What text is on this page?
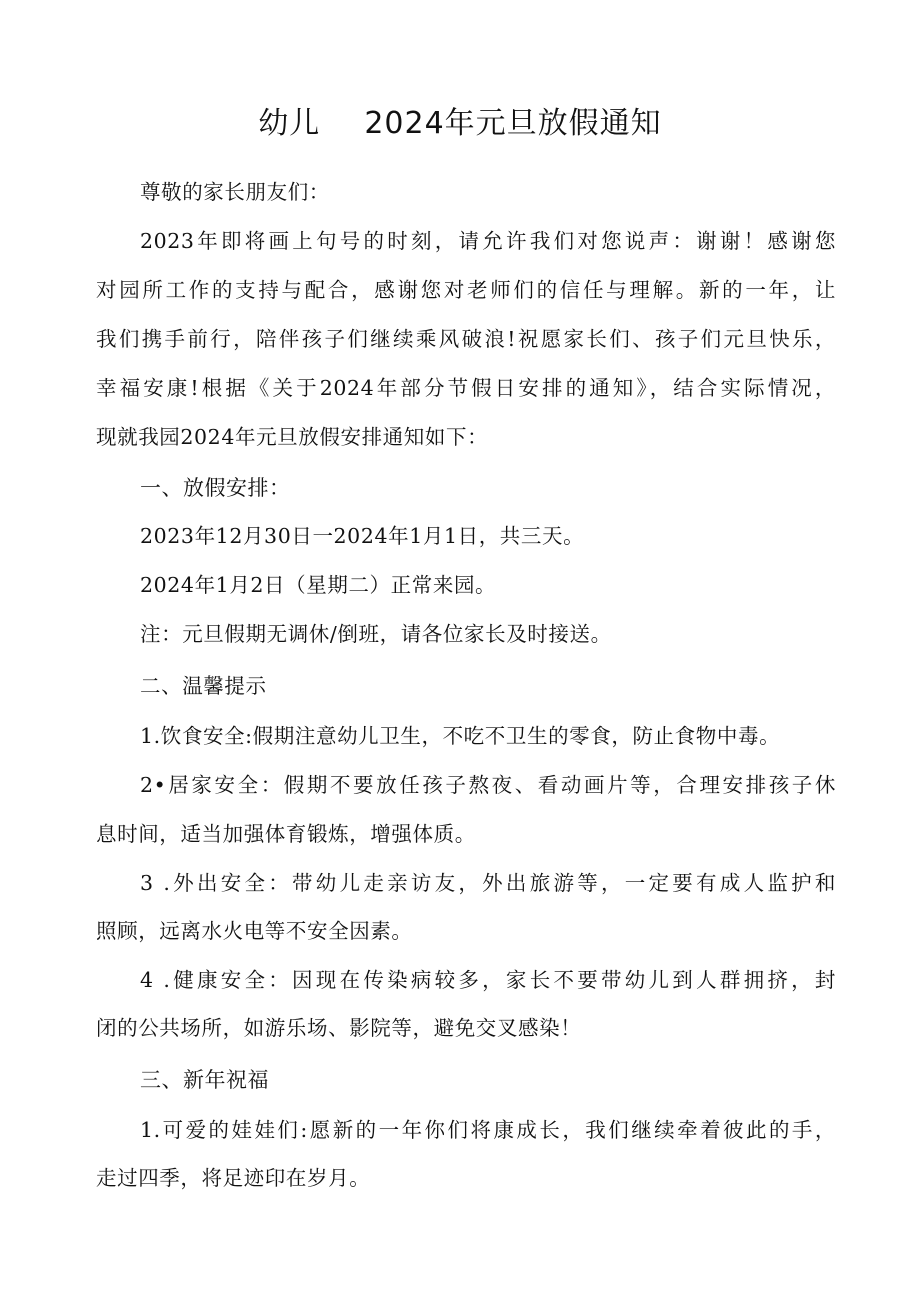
幼儿 2024年元旦放假通知
尊敬的家长朋友们：
2023年即将画上句号的时刻，请允许我们对您说声：谢谢！感谢您
对园所工作的支持与配合，感谢您对老师们的信任与理解。新的一年，让
我们携手前行，陪伴孩子们继续乘风破浪!祝愿家长们、孩子们元旦快乐，
幸福安康!根据《关于2024年部分节假日安排的通知》，结合实际情况，
现就我园2024年元旦放假安排通知如下：
一、放假安排：
2023年12月30日一2024年1月1日，共三天。
2024年1月2日（星期二）正常来园。
注：元旦假期无调休/倒班，请各位家长及时接送。
二、温馨提示
1.饮食安全:假期注意幼儿卫生，不吃不卫生的零食，防止食物中毒。
2•居家安全：假期不要放任孩子熬夜、看动画片等，合理安排孩子休
息时间，适当加强体育锻炼，增强体质。
3 .外出安全：带幼儿走亲访友，外出旅游等，一定要有成人监护和
照顾，远离水火电等不安全因素。
4 .健康安全：因现在传染病较多，家长不要带幼儿到人群拥挤，封
闭的公共场所，如游乐场、影院等，避免交叉感染！
三、新年祝福
1.可爱的娃娃们:愿新的一年你们将康成长，我们继续牵着彼此的手，
走过四季，将足迹印在岁月。
